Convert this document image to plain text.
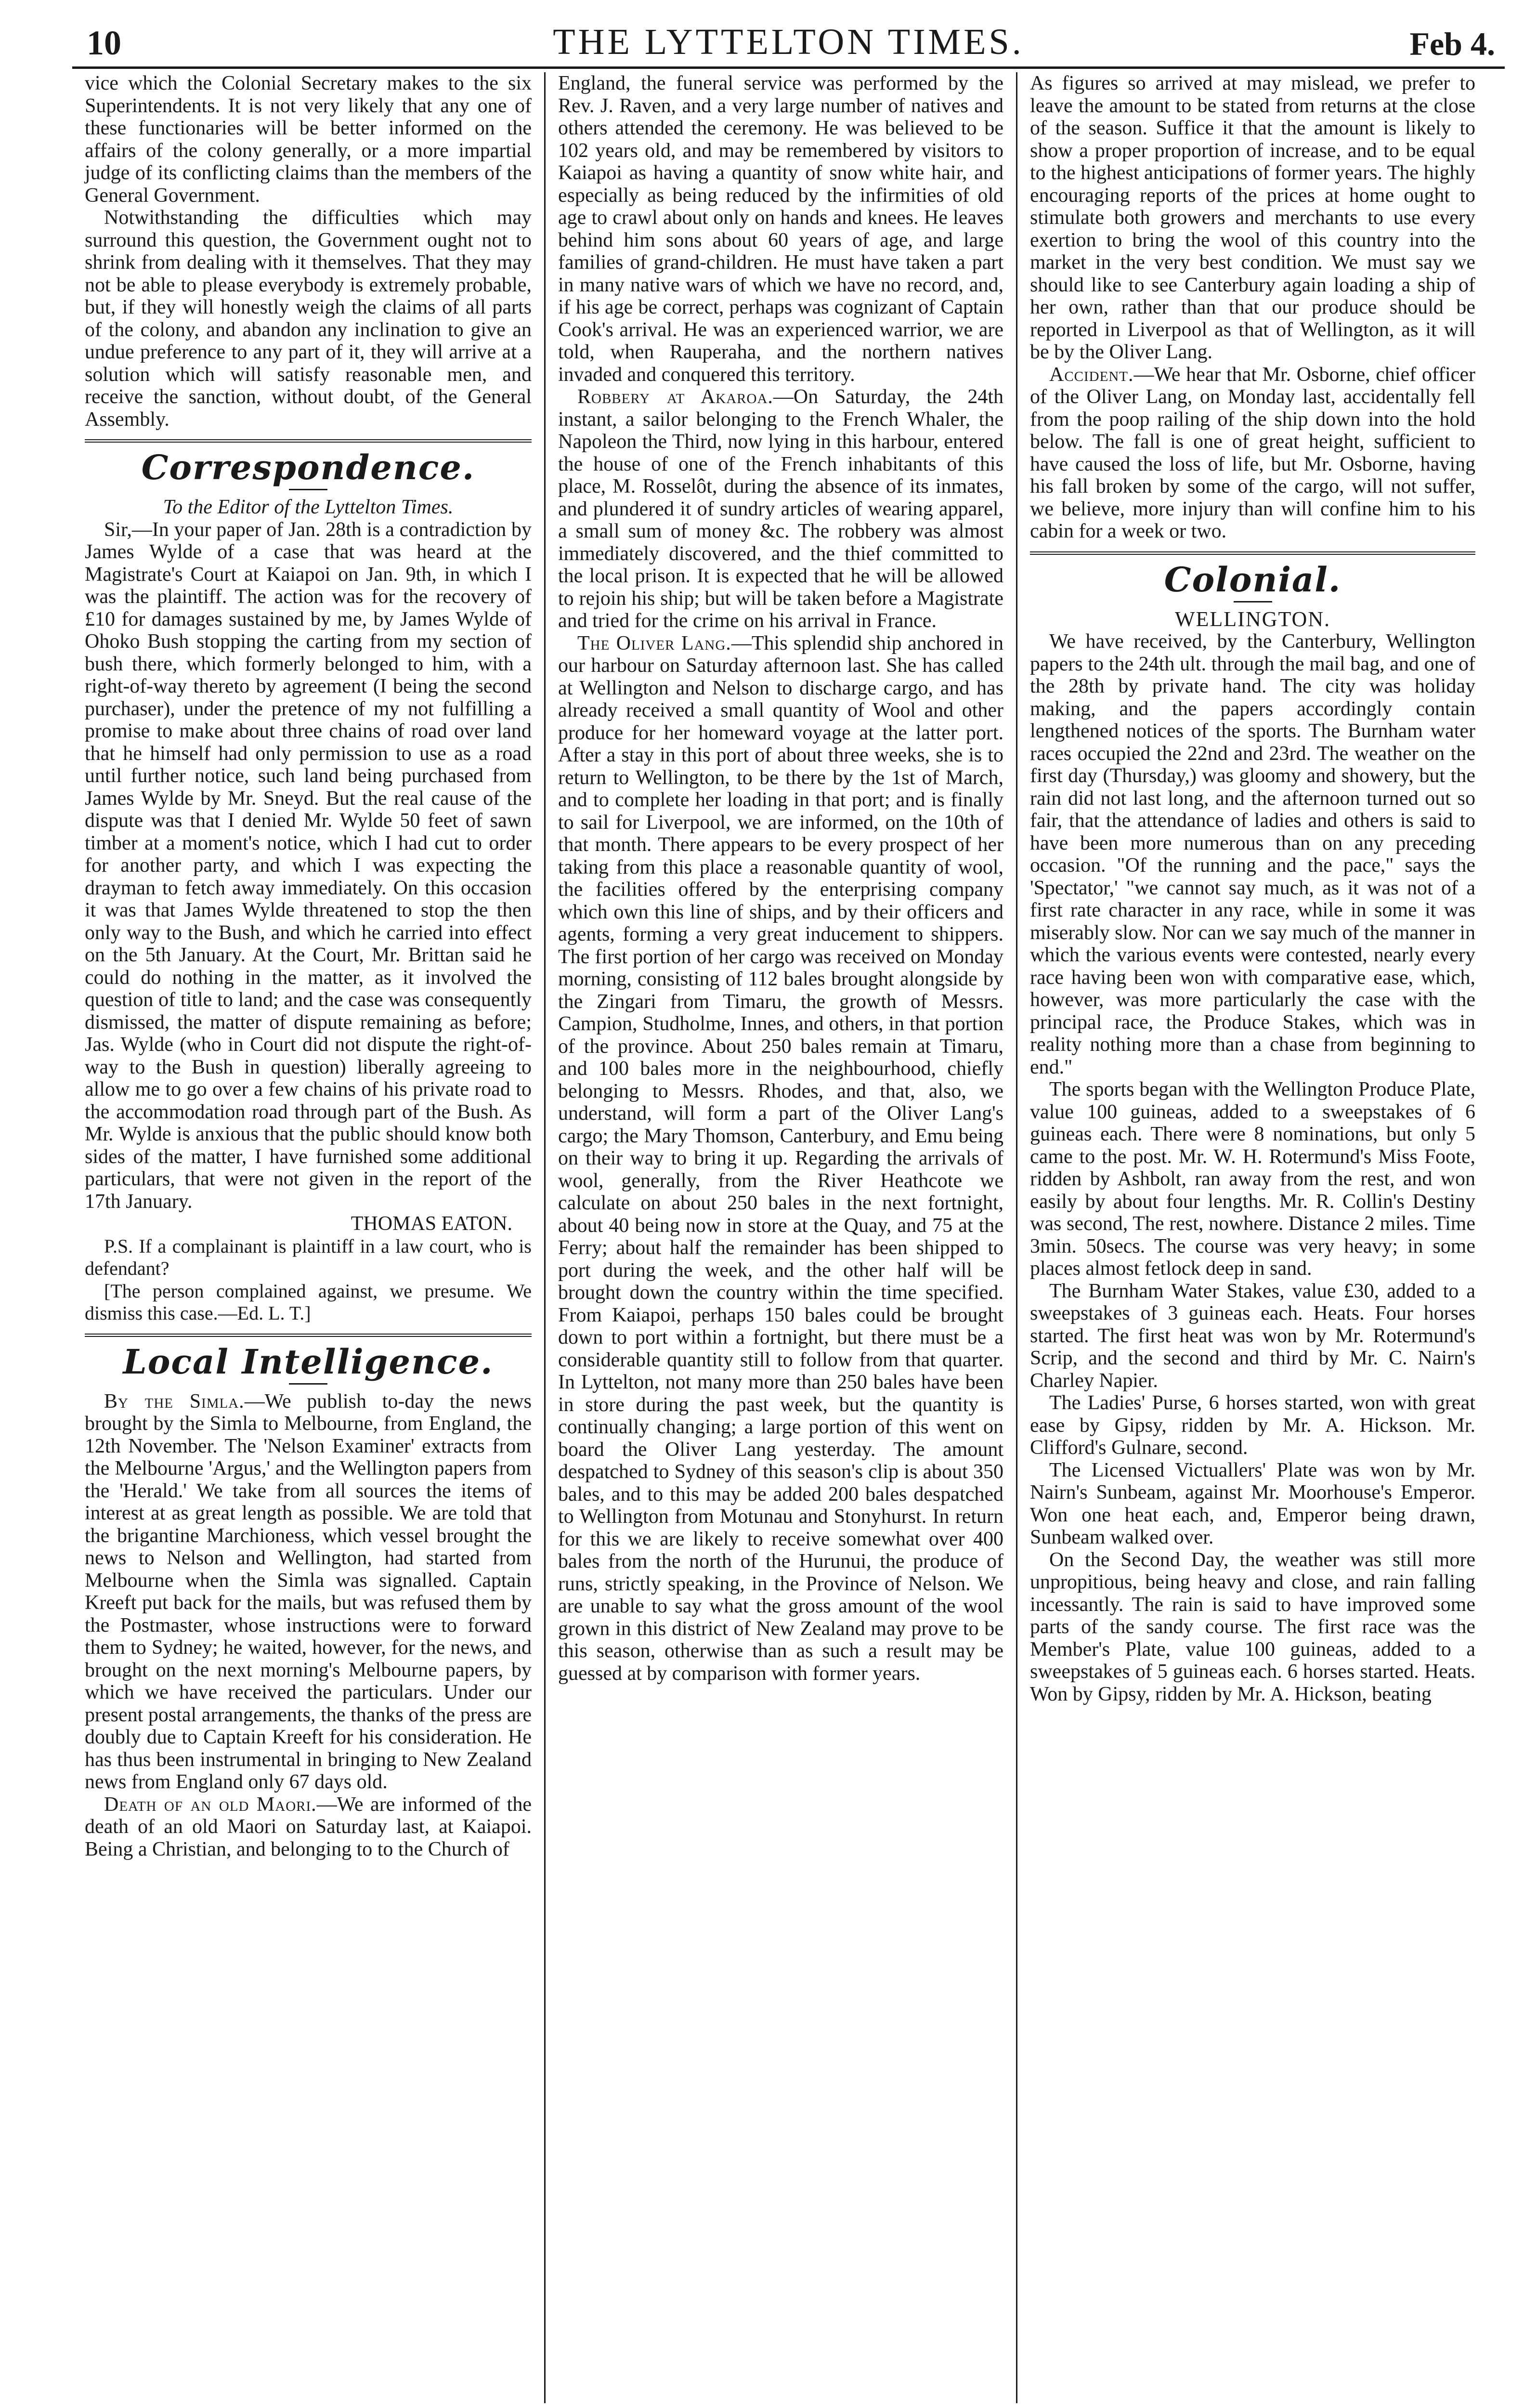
10	THE LYTTELTON TIMES.	Feb 4.

vice which the Colonial Secretary makes to the six Superintendents. It is not very likely that any one of these functionaries will be better informed on the affairs of the colony generally, or a more impartial judge of its conflicting claims than the members of the General Government.

Notwithstanding the difficulties which may surround this question, the Government ought not to shrink from dealing with it themselves. That they may not be able to please everybody is extremely probable, but, if they will honestly weigh the claims of all parts of the colony, and abandon any inclination to give an undue preference to any part of it, they will arrive at a solution which will satisfy reasonable men, and receive the sanction, without doubt, of the General Assembly.

Correspondence.

To the Editor of the Lyttelton Times.

Sir,—In your paper of Jan. 28th is a contradiction by James Wylde of a case that was heard at the Magistrate's Court at Kaiapoi on Jan. 9th, in which I was the plaintiff. The action was for the recovery of £10 for damages sustained by me, by James Wylde of Ohoko Bush stopping the carting from my section of bush there, which formerly belonged to him, with a right-of-way thereto by agreement (I being the second purchaser), under the pretence of my not fulfilling a promise to make about three chains of road over land that he himself had only permission to use as a road until further notice, such land being purchased from James Wylde by Mr. Sneyd. But the real cause of the dispute was that I denied Mr. Wylde 50 feet of sawn timber at a moment's notice, which I had cut to order for another party, and which I was expecting the drayman to fetch away immediately. On this occasion it was that James Wylde threatened to stop the then only way to the Bush, and which he carried into effect on the 5th January. At the Court, Mr. Brittan said he could do nothing in the matter, as it involved the question of title to land; and the case was consequently dismissed, the matter of dispute remaining as before; Jas. Wylde (who in Court did not dispute the right-of-way to the Bush in question) liberally agreeing to allow me to go over a few chains of his private road to the accommodation road through part of the Bush. As Mr. Wylde is anxious that the public should know both sides of the matter, I have furnished some additional particulars, that were not given in the report of the 17th January.

THOMAS EATON.

P.S. If a complainant is plaintiff in a law court, who is defendant?

[The person complained against, we presume. We dismiss this case.—Ed. L. T.]

Local Intelligence.

By the Simla.—We publish to-day the news brought by the Simla to Melbourne, from England, the 12th November. The 'Nelson Examiner' extracts from the Melbourne 'Argus,' and the Wellington papers from the 'Herald.' We take from all sources the items of interest at as great length as possible. We are told that the brigantine Marchioness, which vessel brought the news to Nelson and Wellington, had started from Melbourne when the Simla was signalled. Captain Kreeft put back for the mails, but was refused them by the Postmaster, whose instructions were to forward them to Sydney; he waited, however, for the news, and brought on the next morning's Melbourne papers, by which we have received the particulars. Under our present postal arrangements, the thanks of the press are doubly due to Captain Kreeft for his consideration. He has thus been instrumental in bringing to New Zealand news from England only 67 days old.

Death of an old Maori.—We are informed of the death of an old Maori on Saturday last, at Kaiapoi. Being a Christian, and belonging to to the Church of

England, the funeral service was performed by the Rev. J. Raven, and a very large number of natives and others attended the ceremony. He was believed to be 102 years old, and may be remembered by visitors to Kaiapoi as having a quantity of snow white hair, and especially as being reduced by the infirmities of old age to crawl about only on hands and knees. He leaves behind him sons about 60 years of age, and large families of grand-children. He must have taken a part in many native wars of which we have no record, and, if his age be correct, perhaps was cognizant of Captain Cook's arrival. He was an experienced warrior, we are told, when Rauperaha, and the northern natives invaded and conquered this territory.

Robbery at Akaroa.—On Saturday, the 24th instant, a sailor belonging to the French Whaler, the Napoleon the Third, now lying in this harbour, entered the house of one of the French inhabitants of this place, M. Rosselôt, during the absence of its inmates, and plundered it of sundry articles of wearing apparel, a small sum of money &c. The robbery was almost immediately discovered, and the thief committed to the local prison. It is expected that he will be allowed to rejoin his ship; but will be taken before a Magistrate and tried for the crime on his arrival in France.

The Oliver Lang.—This splendid ship anchored in our harbour on Saturday afternoon last. She has called at Wellington and Nelson to discharge cargo, and has already received a small quantity of Wool and other produce for her homeward voyage at the latter port. After a stay in this port of about three weeks, she is to return to Wellington, to be there by the 1st of March, and to complete her loading in that port; and is finally to sail for Liverpool, we are informed, on the 10th of that month. There appears to be every prospect of her taking from this place a reasonable quantity of wool, the facilities offered by the enterprising company which own this line of ships, and by their officers and agents, forming a very great inducement to shippers. The first portion of her cargo was received on Monday morning, consisting of 112 bales brought alongside by the Zingari from Timaru, the growth of Messrs. Campion, Studholme, Innes, and others, in that portion of the province. About 250 bales remain at Timaru, and 100 bales more in the neighbourhood, chiefly belonging to Messrs. Rhodes, and that, also, we understand, will form a part of the Oliver Lang's cargo; the Mary Thomson, Canterbury, and Emu being on their way to bring it up. Regarding the arrivals of wool, generally, from the River Heathcote we calculate on about 250 bales in the next fortnight, about 40 being now in store at the Quay, and 75 at the Ferry; about half the remainder has been shipped to port during the week, and the other half will be brought down the country within the time specified. From Kaiapoi, perhaps 150 bales could be brought down to port within a fortnight, but there must be a considerable quantity still to follow from that quarter. In Lyttelton, not many more than 250 bales have been in store during the past week, but the quantity is continually changing; a large portion of this went on board the Oliver Lang yesterday. The amount despatched to Sydney of this season's clip is about 350 bales, and to this may be added 200 bales despatched to Wellington from Motunau and Stonyhurst. In return for this we are likely to receive somewhat over 400 bales from the north of the Hurunui, the produce of runs, strictly speaking, in the Province of Nelson. We are unable to say what the gross amount of the wool grown in this district of New Zealand may prove to be this season, otherwise than as such a result may be guessed at by comparison with former years.

As figures so arrived at may mislead, we prefer to leave the amount to be stated from returns at the close of the season. Suffice it that the amount is likely to show a proper proportion of increase, and to be equal to the highest anticipations of former years. The highly encouraging reports of the prices at home ought to stimulate both growers and merchants to use every exertion to bring the wool of this country into the market in the very best condition. We must say we should like to see Canterbury again loading a ship of her own, rather than that our produce should be reported in Liverpool as that of Wellington, as it will be by the Oliver Lang.

Accident.—We hear that Mr. Osborne, chief officer of the Oliver Lang, on Monday last, accidentally fell from the poop railing of the ship down into the hold below. The fall is one of great height, sufficient to have caused the loss of life, but Mr. Osborne, having his fall broken by some of the cargo, will not suffer, we believe, more injury than will confine him to his cabin for a week or two.

Colonial.

WELLINGTON.

We have received, by the Canterbury, Wellington papers to the 24th ult. through the mail bag, and one of the 28th by private hand. The city was holiday making, and the papers accordingly contain lengthened notices of the sports. The Burnham water races occupied the 22nd and 23rd. The weather on the first day (Thursday,) was gloomy and showery, but the rain did not last long, and the afternoon turned out so fair, that the attendance of ladies and others is said to have been more numerous than on any preceding occasion. "Of the running and the pace," says the 'Spectator,' "we cannot say much, as it was not of a first rate character in any race, while in some it was miserably slow. Nor can we say much of the manner in which the various events were contested, nearly every race having been won with comparative ease, which, however, was more particularly the case with the principal race, the Produce Stakes, which was in reality nothing more than a chase from beginning to end."

The sports began with the Wellington Produce Plate, value 100 guineas, added to a sweepstakes of 6 guineas each. There were 8 nominations, but only 5 came to the post. Mr. W. H. Rotermund's Miss Foote, ridden by Ashbolt, ran away from the rest, and won easily by about four lengths. Mr. R. Collin's Destiny was second, The rest, nowhere. Distance 2 miles. Time 3min. 50secs. The course was very heavy; in some places almost fetlock deep in sand.

The Burnham Water Stakes, value £30, added to a sweepstakes of 3 guineas each. Heats. Four horses started. The first heat was won by Mr. Rotermund's Scrip, and the second and third by Mr. C. Nairn's Charley Napier.

The Ladies' Purse, 6 horses started, won with great ease by Gipsy, ridden by Mr. A. Hickson. Mr. Clifford's Gulnare, second.

The Licensed Victuallers' Plate was won by Mr. Nairn's Sunbeam, against Mr. Moorhouse's Emperor. Won one heat each, and, Emperor being drawn, Sunbeam walked over.

On the Second Day, the weather was still more unpropitious, being heavy and close, and rain falling incessantly. The rain is said to have improved some parts of the sandy course. The first race was the Member's Plate, value 100 guineas, added to a sweepstakes of 5 guineas each. 6 horses started. Heats. Won by Gipsy, ridden by Mr. A. Hickson, beating
